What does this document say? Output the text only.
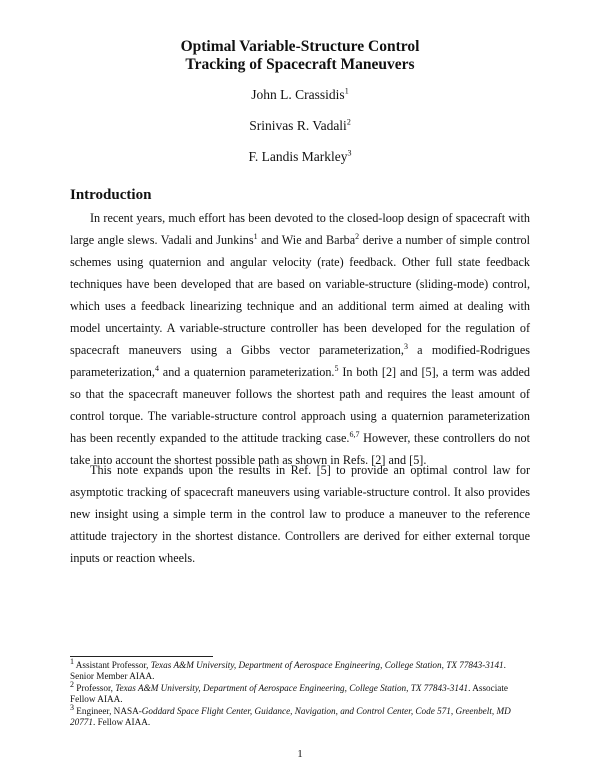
Optimal Variable-Structure Control
Tracking of Spacecraft Maneuvers
John L. Crassidis$^1$
Srinivas R. Vadali$^2$
F. Landis Markley$^3$
Introduction

In recent years, much effort has been devoted to the closed-loop design of spacecraft with large angle slews. Vadali and Junkins$^1$ and Wie and Barba$^2$ derive a number of simple control schemes using quaternion and angular velocity (rate) feedback. Other full state feedback techniques have been developed that are based on variable-structure (sliding-mode) control, which uses a feedback linearizing technique and an additional term aimed at dealing with model uncertainty. A variable-structure controller has been developed for the regulation of spacecraft maneuvers using a Gibbs vector parameterization,$^3$ a modified-Rodrigues parameterization,$^4$ and a quaternion parameterization.$^5$ In both [2] and [5], a term was added so that the spacecraft maneuver follows the shortest path and requires the least amount of control torque. The variable-structure control approach using a quaternion parameterization has been recently expanded to the attitude tracking case.$^{6,7}$ However, these controllers do not take into account the shortest possible path as shown in Refs. [2] and [5].

This note expands upon the results in Ref. [5] to provide an optimal control law for asymptotic tracking of spacecraft maneuvers using variable-structure control. It also provides new insight using a simple term in the control law to produce a maneuver to the reference attitude trajectory in the shortest distance. Controllers are derived for either external torque inputs or reaction wheels.

$^1$ Assistant Professor, Texas A&M University, Department of Aerospace Engineering, College Station, TX 77843-3141. Senior Member AIAA.

$^2$ Professor, Texas A&M University, Department of Aerospace Engineering, College Station, TX 77843-3141. Associate Fellow AIAA.

$^3$ Engineer, NASA-Goddard Space Flight Center, Guidance, Navigation, and Control Center, Code 571, Greenbelt, MD 20771. Fellow AIAA.

1
